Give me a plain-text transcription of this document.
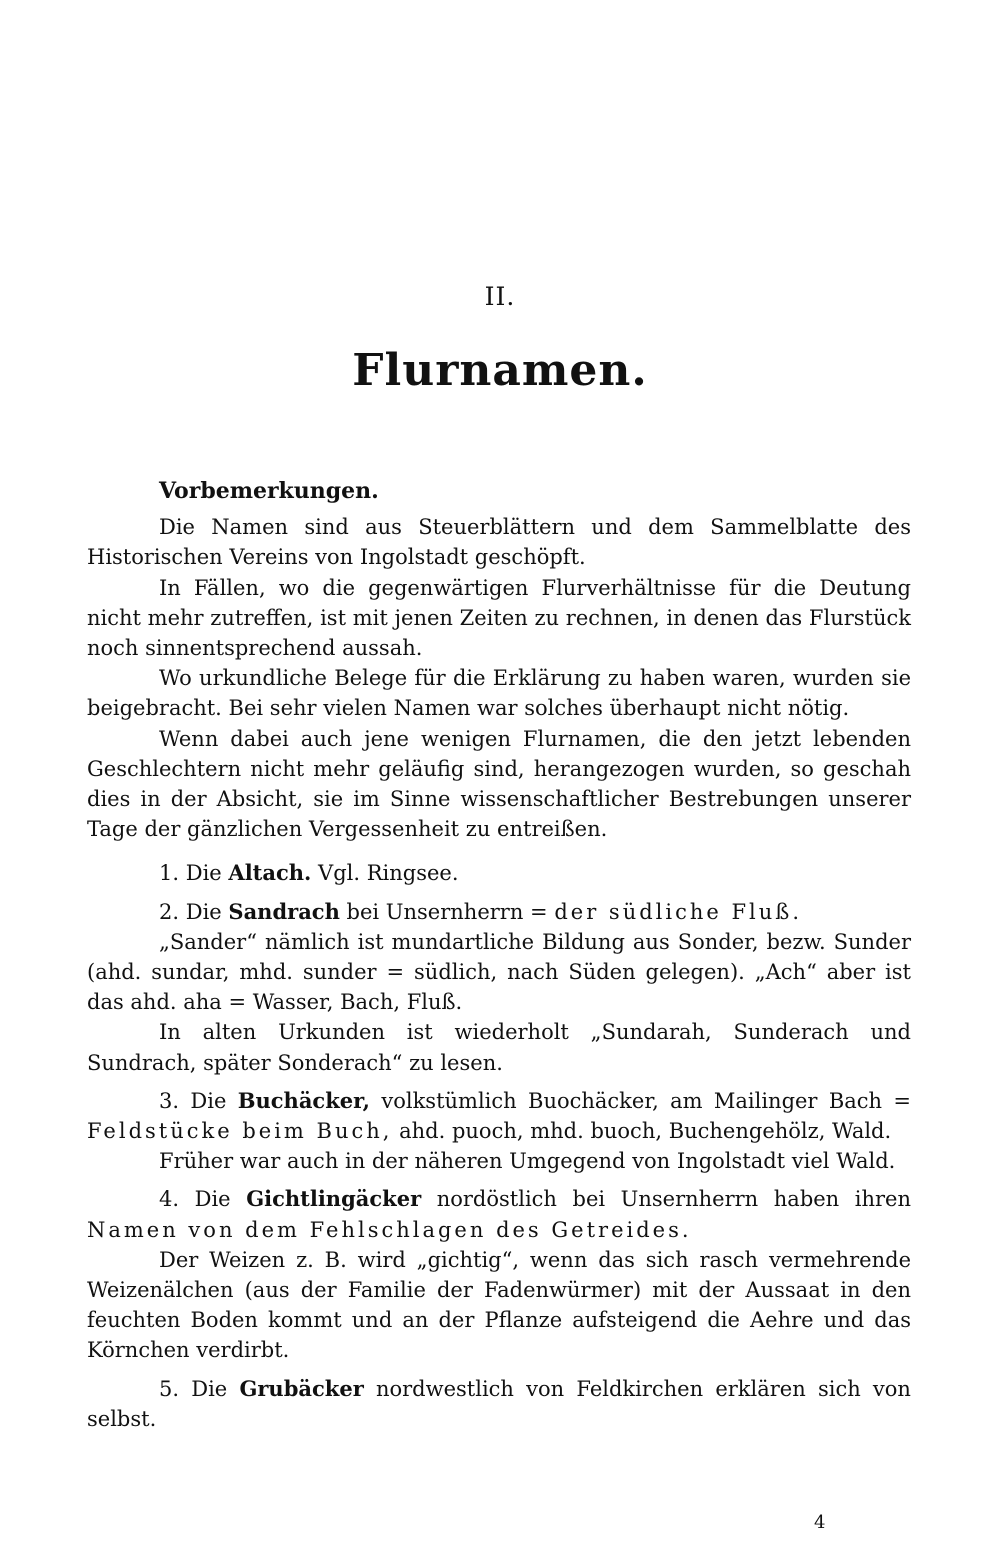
II.
Flurnamen.
Vorbemerkungen.

Die Namen sind aus Steuerblättern und dem Sammelblatte des Historischen Vereins von Ingolstadt geschöpft.

In Fällen, wo die gegenwärtigen Flurverhältnisse für die Deutung nicht mehr zutreffen, ist mit jenen Zeiten zu rechnen, in denen das Flurstück noch sinnentsprechend aussah.

Wo urkundliche Belege für die Erklärung zu haben waren, wurden sie beigebracht. Bei sehr vielen Namen war solches überhaupt nicht nötig.

Wenn dabei auch jene wenigen Flurnamen, die den jetzt lebenden Geschlechtern nicht mehr geläufig sind, herangezogen wurden, so geschah dies in der Absicht, sie im Sinne wissenschaftlicher Bestrebungen unserer Tage der gänzlichen Vergessenheit zu entreißen.

1. Die Altach. Vgl. Ringsee.

2. Die Sandrach bei Unsernherrn = der südliche Fluß.

„Sander“ nämlich ist mundartliche Bildung aus Sonder, bezw. Sunder (ahd. sundar, mhd. sunder = südlich, nach Süden gelegen). „Ach“ aber ist das ahd. aha = Wasser, Bach, Fluß.

In alten Urkunden ist wiederholt „Sundarah, Sunderach und Sundrach, später Sonderach“ zu lesen.

3. Die Buchäcker, volkstümlich Buochäcker, am Mailinger Bach = Feldstücke beim Buch, ahd. puoch, mhd. buoch, Buchengehölz, Wald.

Früher war auch in der näheren Umgegend von Ingolstadt viel Wald.

4. Die Gichtlingäcker nordöstlich bei Unsernherrn haben ihren Namen von dem Fehlschlagen des Getreides.

Der Weizen z. B. wird „gichtig“, wenn das sich rasch vermehrende Weizenälchen (aus der Familie der Fadenwürmer) mit der Aussaat in den feuchten Boden kommt und an der Pflanze aufsteigend die Aehre und das Körnchen verdirbt.

5. Die Grubäcker nordwestlich von Feldkirchen erklären sich von selbst.

4
